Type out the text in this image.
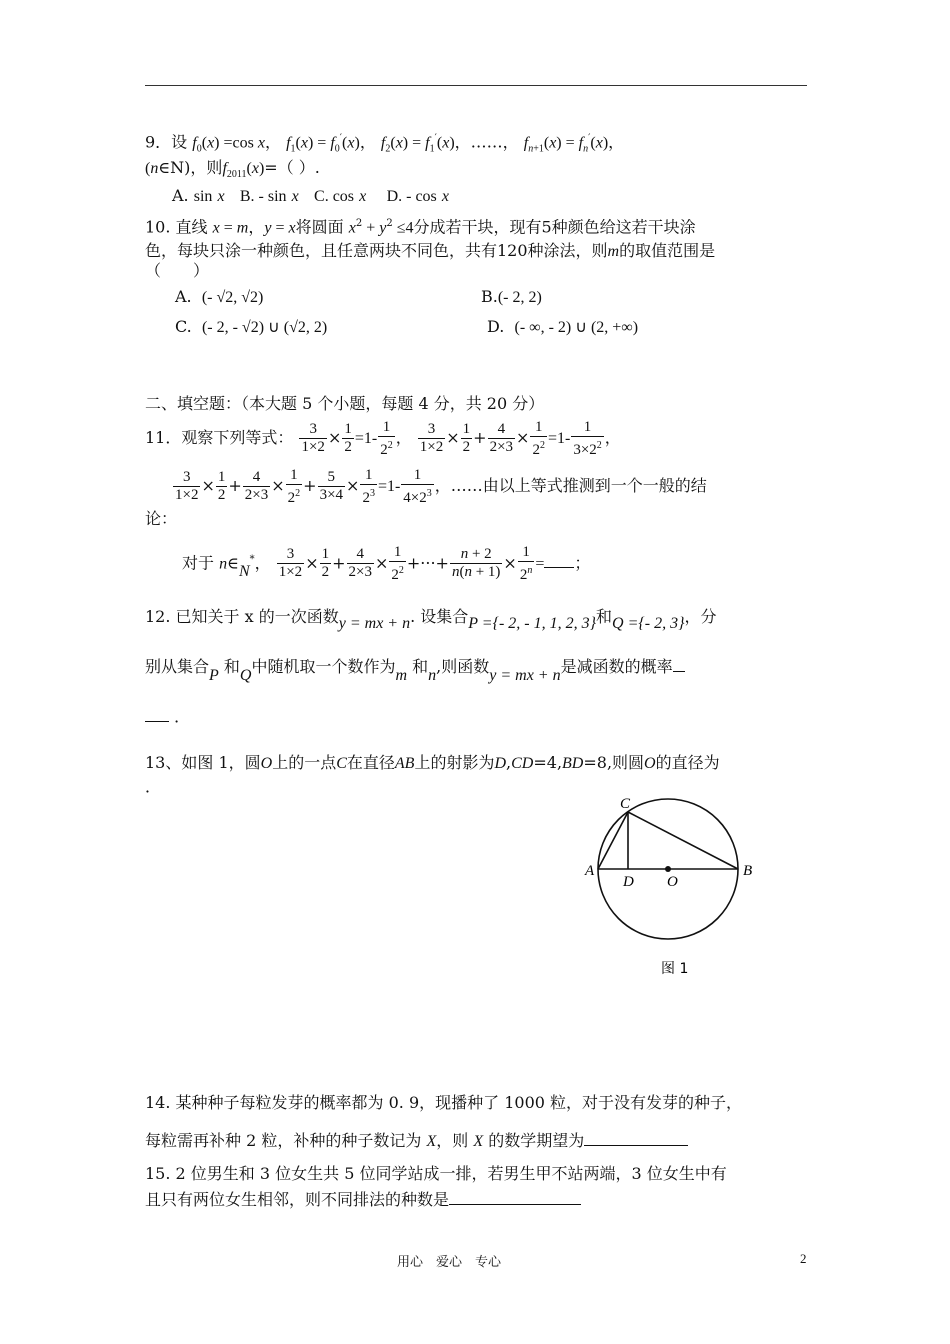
9．设 $f_0(x) =\cos$ x， $f_1(x) = f_0'(x)$， $f_2(x) = f_1'(x)$，……， $f_{n+1}(x) = f_n'(x)$，
(n∈N)，则$f_{2011}(x)=$（ ）.
A. sin x B. - sin x C. cos x D. - cos x
10. 直线 x = m，y = x将圆面 $x^2 + y^2 \le 4$分成若干块，现有5种颜色给这若干块涂
色，每块只涂一种颜色，且任意两块不同色，共有120种涂法，则m的取值范围是
（　　）
A. (- √2, √2)	B.(- 2, 2)
C. (- 2, - √2) ∪ (√2, 2)	D. (- ∞, - 2) ∪ (2, +∞)
二、填空题：（本大题 5 个小题，每题 4 分，共 20 分）
11．观察下列等式： $\frac{3}{1\times 2} \times \frac{1}{2} =1- \frac{1}{2^2}$ ， $\frac{3}{1\times 2} \times \frac{1}{2} + \frac{4}{2\times 3} \times \frac{1}{2^2} =1- \frac{1}{3\times 2^2}$ ，
$\frac{3}{1\times 2} \times \frac{1}{2} + \frac{4}{2\times 3} \times \frac{1}{2^2} + \frac{5}{3\times 4} \times \frac{1}{2^3} =1- \frac{1}{4\times 2^3}$ ，……由以上等式推测到一个一般的结
论：
对于 n∈N*， $\frac{3}{1\times 2} \times \frac{1}{2} + \frac{4}{2\times 3} \times \frac{1}{2^2}$ +···+ $\frac{n + 2}{n(n + 1)} \times \frac{1}{2^n}$ = ；
12. 已知关于 x 的一次函数y = mx + n. 设集合P ={- 2, - 1, 1, 2, 3}和Q ={- 2, 3}，分
别从集合P 和Q中随机取一个数作为m 和n,则函数y = mx + n是减函数的概率
．
13、如图 1，圆O上的一点C在直径AB上的射影为D,CD=4,BD=8,则圆O的直径为
．
C
A	B
D O
图 1
14. 某种种子每粒发芽的概率都为 0. 9，现播种了 1000 粒，对于没有发芽的种子，
每粒需再补种 2 粒，补种的种子数记为 X，则 X 的数学期望为
15. 2 位男生和 3 位女生共 5 位同学站成一排，若男生甲不站两端，3 位女生中有
且只有两位女生相邻，则不同排法的种数是
用心　爱心　专心	2
